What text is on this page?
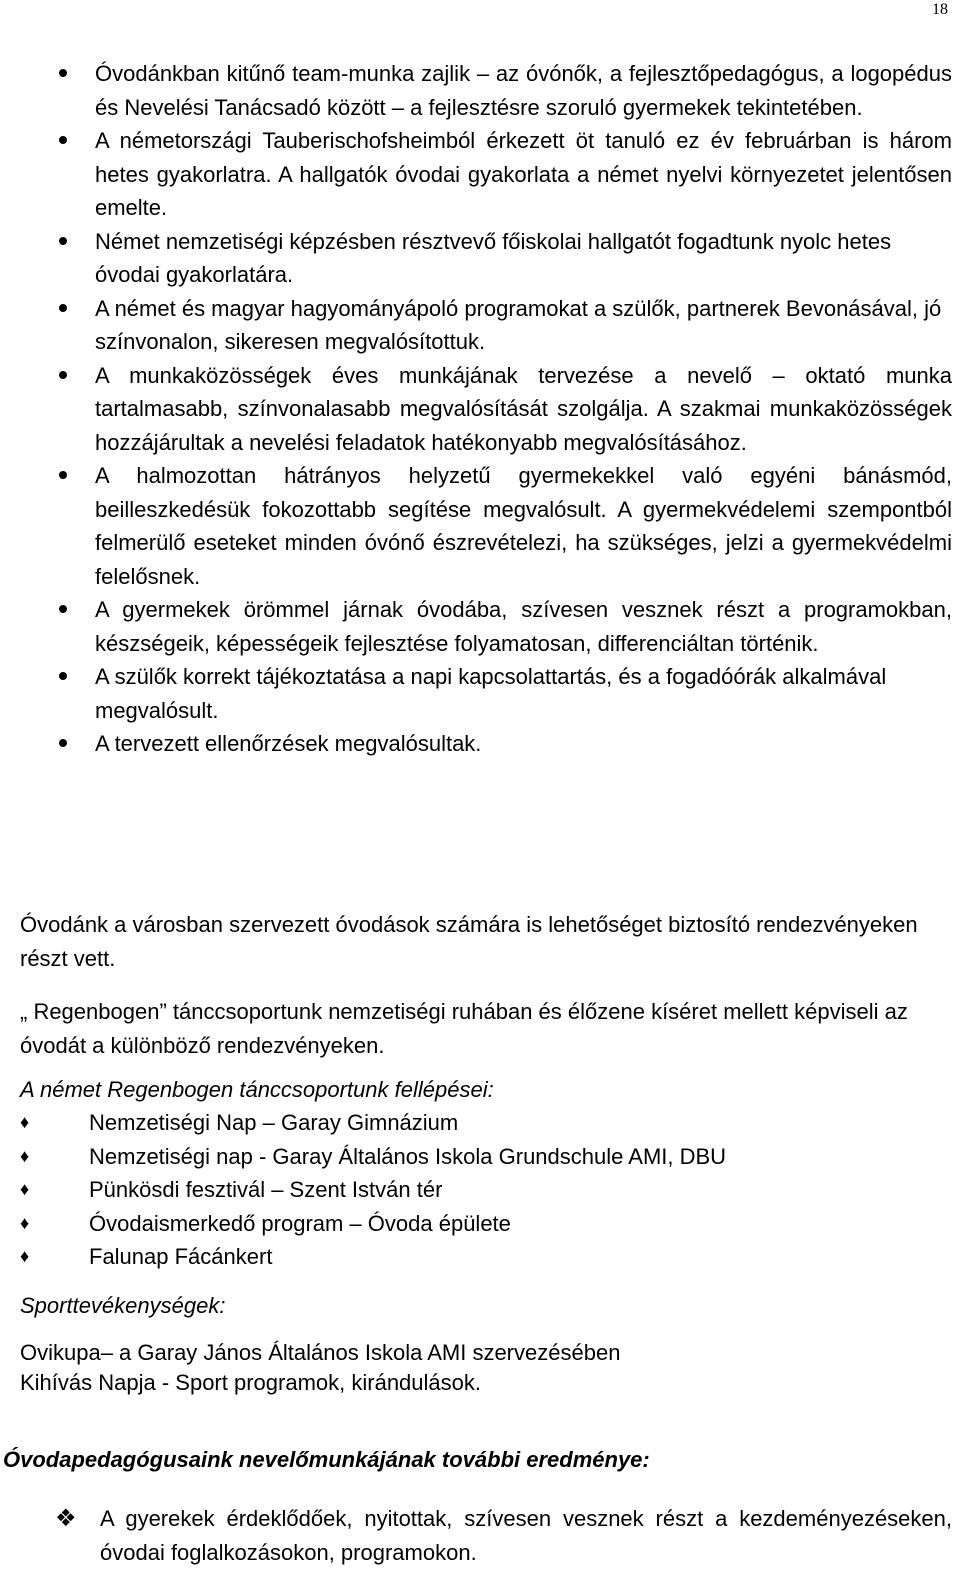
18
Óvodánkban kitűnő team-munka zajlik – az óvónők, a fejlesztőpedagógus, a logopédus és Nevelési Tanácsadó között – a fejlesztésre szoruló gyermekek tekintetében.
A németországi Tauberischofsheimból érkezett öt tanuló ez év februárban is három hetes gyakorlatra. A hallgatók óvodai gyakorlata a német nyelvi környezetet jelentősen emelte.
Német nemzetiségi képzésben résztvevő főiskolai hallgatót fogadtunk nyolc hetes óvodai gyakorlatára.
A német és magyar hagyományápoló programokat a szülők, partnerek Bevonásával, jó színvonalon, sikeresen megvalósítottuk.
A munkaközösségek éves munkájának tervezése a nevelő – oktató munka tartalmasabb, színvonalasabb megvalósítását szolgálja. A szakmai munkaközösségek hozzájárultak a nevelési feladatok hatékonyabb megvalósításához.
A halmozottan hátrányos helyzetű gyermekekkel való egyéni bánásmód, beilleszkedésük fokozottabb segítése megvalósult. A gyermekvédelemi szempontból felmerülő eseteket minden óvónő észrevételezi, ha szükséges, jelzi a gyermekvédelmi felelősnek.
A gyermekek örömmel járnak óvodába, szívesen vesznek részt a programokban, készségeik, képességeik fejlesztése folyamatosan, differenciáltan történik.
A szülők korrekt tájékoztatása a napi kapcsolattartás, és a fogadóórák alkalmával megvalósult.
A tervezett ellenőrzések megvalósultak.

Óvodánk a városban szervezett óvodások számára is lehetőséget biztosító rendezvényeken részt vett.

„ Regenbogen” tánccsoportunk nemzetiségi ruhában és élőzene kíséret mellett képviseli az óvodát a különböző rendezvényeken.

A német Regenbogen tánccsoportunk fellépései:

♦	Nemzetiségi Nap – Garay Gimnázium
♦	Nemzetiségi nap - Garay Általános Iskola Grundschule AMI, DBU
♦	Pünkösdi fesztivál – Szent István tér
♦	Óvodaismerkedő program – Óvoda épülete
♦	Falunap Fácánkert

Sporttevékenységek:

Ovikupa– a Garay János Általános Iskola AMI szervezésében

Kihívás Napja - Sport programok, kirándulások.

Óvodapedagógusaink nevelőmunkájának további eredménye:

❖	A gyerekek érdeklődőek, nyitottak, szívesen vesznek részt a kezdeményezéseken, óvodai foglalkozásokon, programokon.
